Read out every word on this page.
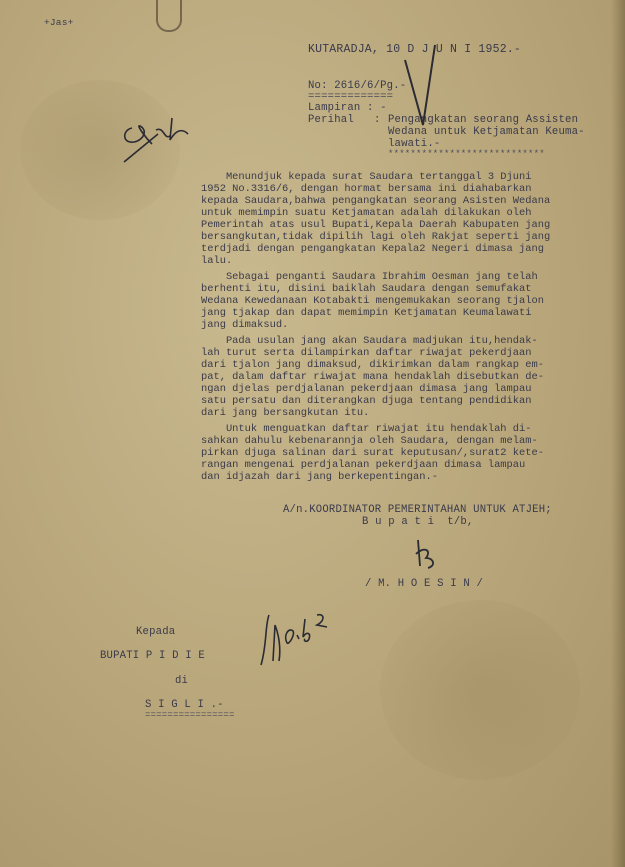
+Jas+
KUTARADJA, 10 D J U N I 1952.-
No: 2616/6/Pg.-
=============
Lampiran : -
Perihal : Pengangkatan seorang Assisten
Wedana untuk Ketjamatan Keuma-
lawati.-
****************************
Menundjuk kepada surat Saudara tertanggal 3 Djuni
1952 No.3316/6, dengan hormat bersama ini diahabarkan
kepada Saudara,bahwa pengangkatan seorang Asisten Wedana
untuk memimpin suatu Ketjamatan adalah dilakukan oleh
Pemerintah atas usul Bupati,Kepala Daerah Kabupaten jang
bersangkutan,tidak dipilih lagi oleh Rakjat seperti jang
terdjadi dengan pengangkatan Kepala2 Negeri dimasa jang
lalu.
Sebagai penganti Saudara Ibrahim Oesman jang telah
berhenti itu, disini baiklah Saudara dengan semufakat
Wedana Kewedanaan Kotabakti mengemukakan seorang tjalon
jang tjakap dan dapat memimpin Ketjamatan Keumalawati
jang dimaksud.
Pada usulan jang akan Saudara madjukan itu,hendak-
lah turut serta dilampirkan daftar riwajat pekerdjaan
dari tjalon jang dimaksud, dikirimkan dalam rangkap em-
pat, dalam daftar riwajat mana hendaklah disebutkan de-
ngan djelas perdjalanan pekerdjaan dimasa jang lampau
satu persatu dan diterangkan djuga tentang pendidikan
dari jang bersangkutan itu.
Untuk menguatkan daftar riwajat itu hendaklah di-
sahkan dahulu kebenarannja oleh Saudara, dengan melam-
pirkan djuga salinan dari surat keputusan/,surat2 kete-
rangan mengenai perdjalanan pekerdjaan dimasa lampau
dan idjazah dari jang berkepentingan.-
A/n.KOORDINATOR PEMERINTAHAN UNTUK ATJEH;
B u p a t i  t/b,
/ M. H O E S I N /
Kepada
BUPATI P I D I E
di
S I G L I .-
================
